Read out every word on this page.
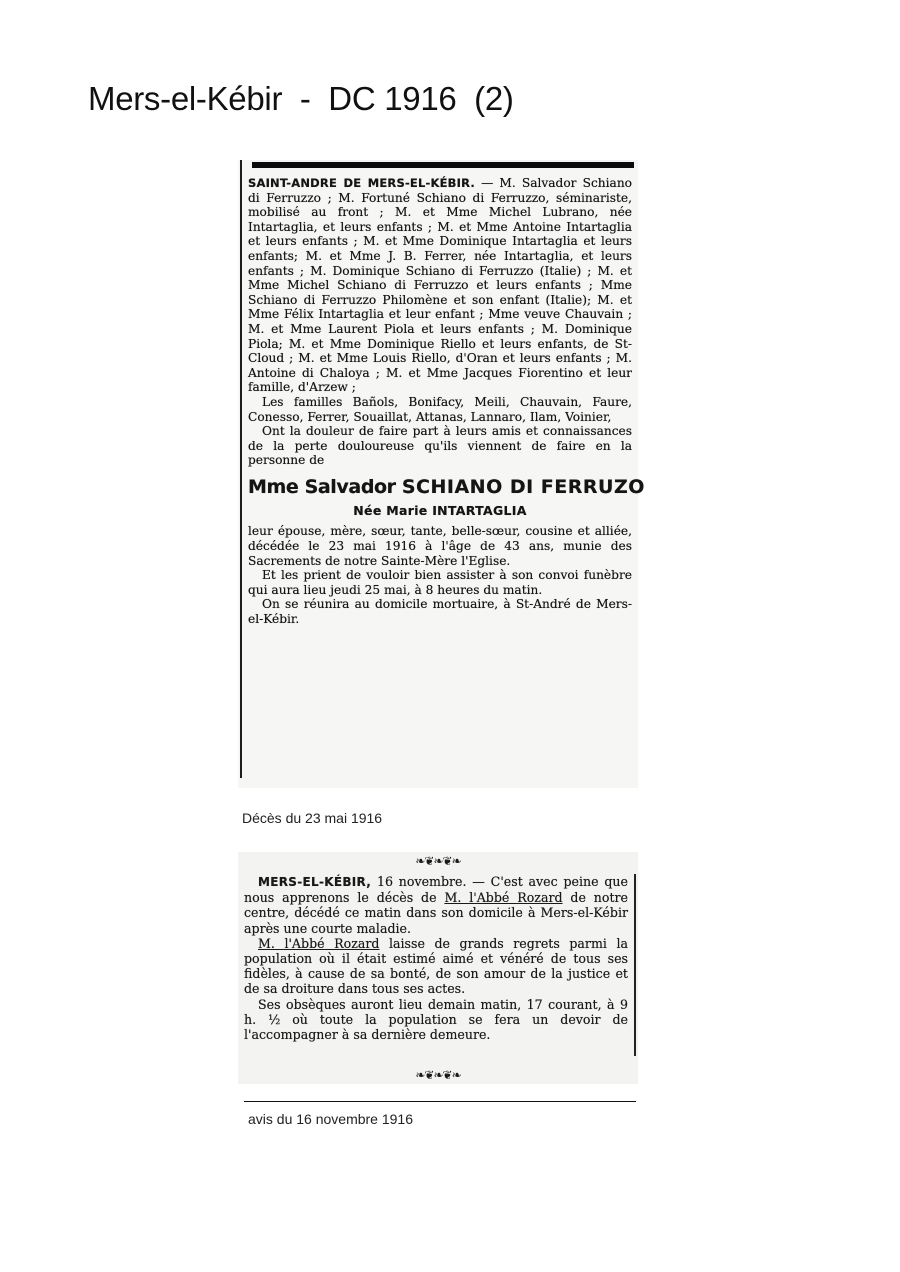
Mers-el-Kébir  -  DC 1916  (2)

SAINT-ANDRE DE MERS-EL-KÉBIR. — M. Salvador Schiano di Ferruzzo ; M. Fortuné Schiano di Ferruzzo, séminariste, mobilisé au front ; M. et Mme Michel Lubrano, née Intartaglia, et leurs enfants ; M. et Mme Antoine Intartaglia et leurs enfants ; M. et Mme Dominique Intartaglia et leurs enfants; M. et Mme J. B. Ferrer, née Intartaglia, et leurs enfants ; M. Dominique Schiano di Ferruzzo (Italie) ; M. et Mme Michel Schiano di Ferruzzo et leurs enfants ; Mme Schiano di Ferruzzo Philomène et son enfant (Italie); M. et Mme Félix Intartaglia et leur enfant ; Mme veuve Chauvain ; M. et Mme Laurent Piola et leurs enfants ; M. Dominique Piola; M. et Mme Dominique Riello et leurs enfants, de St-Cloud ; M. et Mme Louis Riello, d'Oran et leurs enfants ; M. Antoine di Chaloya ; M. et Mme Jacques Fiorentino et leur famille, d'Arzew ;

Les familles Bañols, Bonifacy, Meili, Chauvain, Faure, Conesso, Ferrer, Souaillat, Attanas, Lannaro, Ilam, Voinier,

Ont la douleur de faire part à leurs amis et connaissances de la perte douloureuse qu'ils viennent de faire en la personne de

Mme Salvador SCHIANO DI FERRUZO
Née Marie INTARTAGLIA

leur épouse, mère, sœur, tante, belle-sœur, cousine et alliée, décédée le 23 mai 1916 à l'âge de 43 ans, munie des Sacrements de notre Sainte-Mère l'Eglise.

Et les prient de vouloir bien assister à son convoi funèbre qui aura lieu jeudi 25 mai, à 8 heures du matin.

On se réunira au domicile mortuaire, à St-André de Mers-el-Kébir.

Décès du 23 mai 1916
❧❦❧❦❧

MERS-EL-KÉBIR, 16 novembre. — C'est avec peine que nous apprenons le décès de M. l'Abbé Rozard de notre centre, décédé ce matin dans son domicile à Mers-el-Kébir après une courte maladie.

M. l'Abbé Rozard laisse de grands regrets parmi la population où il était estimé aimé et vénéré de tous ses fidèles, à cause de sa bonté, de son amour de la justice et de sa droiture dans tous ses actes.

Ses obsèques auront lieu demain matin, 17 courant, à 9 h. ½ où toute la population se fera un devoir de l'accompagner à sa dernière demeure.

❧❦❧❦❧
avis du 16 novembre 1916
